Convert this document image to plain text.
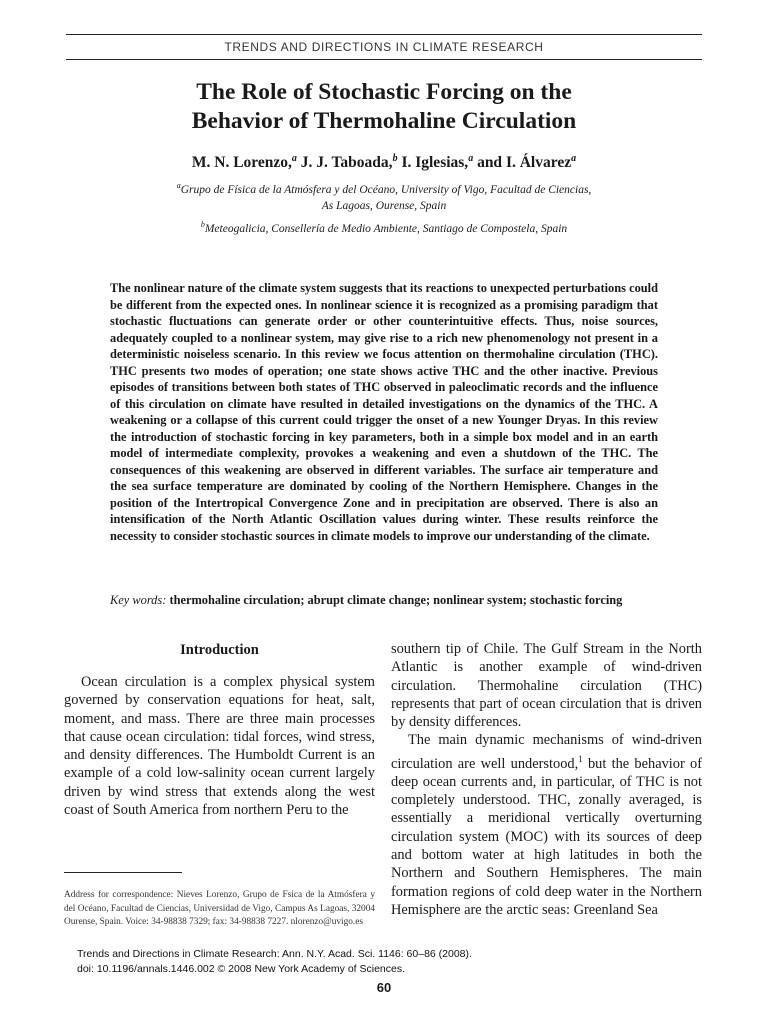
TRENDS AND DIRECTIONS IN CLIMATE RESEARCH
The Role of Stochastic Forcing on the
Behavior of Thermohaline Circulation
M. N. Lorenzo,$^a$ J. J. Taboada,$^b$ I. Iglesias,$^a$ and I. Álvarez$^a$
$^a$Grupo de Física de la Atmósfera y del Océano, University of Vigo, Facultad de Ciencias,
As Lagoas, Ourense, Spain
$^b$Meteogalicia, Consellería de Medio Ambiente, Santiago de Compostela, Spain

The nonlinear nature of the climate system suggests that its reactions to unexpected perturbations could be different from the expected ones. In nonlinear science it is recognized as a promising paradigm that stochastic fluctuations can generate order or other counterintuitive effects. Thus, noise sources, adequately coupled to a nonlinear system, may give rise to a rich new phenomenology not present in a deterministic noiseless scenario. In this review we focus attention on thermohaline circulation (THC). THC presents two modes of operation; one state shows active THC and the other inactive. Previous episodes of transitions between both states of THC observed in paleoclimatic records and the influence of this circulation on climate have resulted in detailed investigations on the dynamics of the THC. A weakening or a collapse of this current could trigger the onset of a new Younger Dryas. In this review the introduction of stochastic forcing in key parameters, both in a simple box model and in an earth model of intermediate complexity, provokes a weakening and even a shutdown of the THC. The consequences of this weakening are observed in different variables. The surface air temperature and the sea surface temperature are dominated by cooling of the Northern Hemisphere. Changes in the position of the Intertropical Convergence Zone and in precipitation are observed. There is also an intensification of the North Atlantic Oscillation values during winter. These results reinforce the necessity to consider stochastic sources in climate models to improve our understanding of the climate.

Key words: thermohaline circulation; abrupt climate change; nonlinear system; stochastic forcing

Introduction

Ocean circulation is a complex physical system governed by conservation equations for heat, salt, moment, and mass. There are three main processes that cause ocean circulation: tidal forces, wind stress, and density differences. The Humboldt Current is an example of a cold low-salinity ocean current largely driven by wind stress that extends along the west coast of South America from northern Peru to the

southern tip of Chile. The Gulf Stream in the North Atlantic is another example of wind-driven circulation. Thermohaline circulation (THC) represents that part of ocean circulation that is driven by density differences.

The main dynamic mechanisms of wind-driven circulation are well understood,$^1$ but the behavior of deep ocean currents and, in particular, of THC is not completely understood. THC, zonally averaged, is essentially a meridional vertically overturning circulation system (MOC) with its sources of deep and bottom water at high latitudes in both the Northern and Southern Hemispheres. The main formation regions of cold deep water in the Northern Hemisphere are the arctic seas: Greenland Sea

Address for correspondence: Nieves Lorenzo, Grupo de Fsica de la Atmósfera y del Océano, Facultad de Ciencias, Universidad de Vigo, Campus As Lagoas, 32004 Ourense, Spain. Voice: 34-98838 7329; fax: 34-98838 7227. nlorenzo@uvigo.es

Trends and Directions in Climate Research: Ann. N.Y. Acad. Sci. 1146: 60–86 (2008).
doi: 10.1196/annals.1446.002 © 2008 New York Academy of Sciences.
60
